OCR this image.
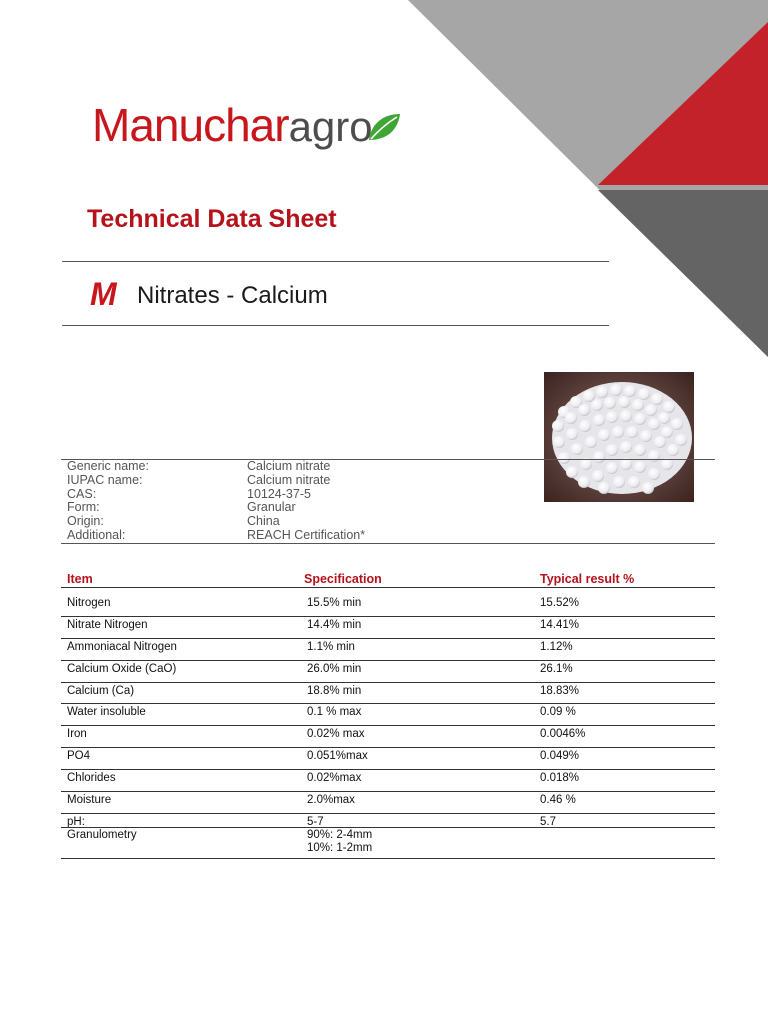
Manuchar agro
Technical Data Sheet
M Nitrates - Calcium
Generic name:	Calcium nitrate
IUPAC name:	Calcium nitrate
CAS:	10124-37-5
Form:	Granular
Origin:	China
Additional:	REACH Certification*
Item	Specification	Typical result %
Nitrogen	15.5% min	15.52%
Nitrate Nitrogen	14.4% min	14.41%
Ammoniacal Nitrogen	1.1% min	1.12%
Calcium Oxide (CaO)	26.0% min	26.1%
Calcium (Ca)	18.8% min	18.83%
Water insoluble	0.1 % max	0.09 %
Iron	0.02% max	0.0046%
PO4	0.051%max	0.049%
Chlorides	0.02%max	0.018%
Moisture	2.0%max	0.46 %
pH:	5-7	5.7
Granulometry	90%: 2-4mm
10%: 1-2mm
